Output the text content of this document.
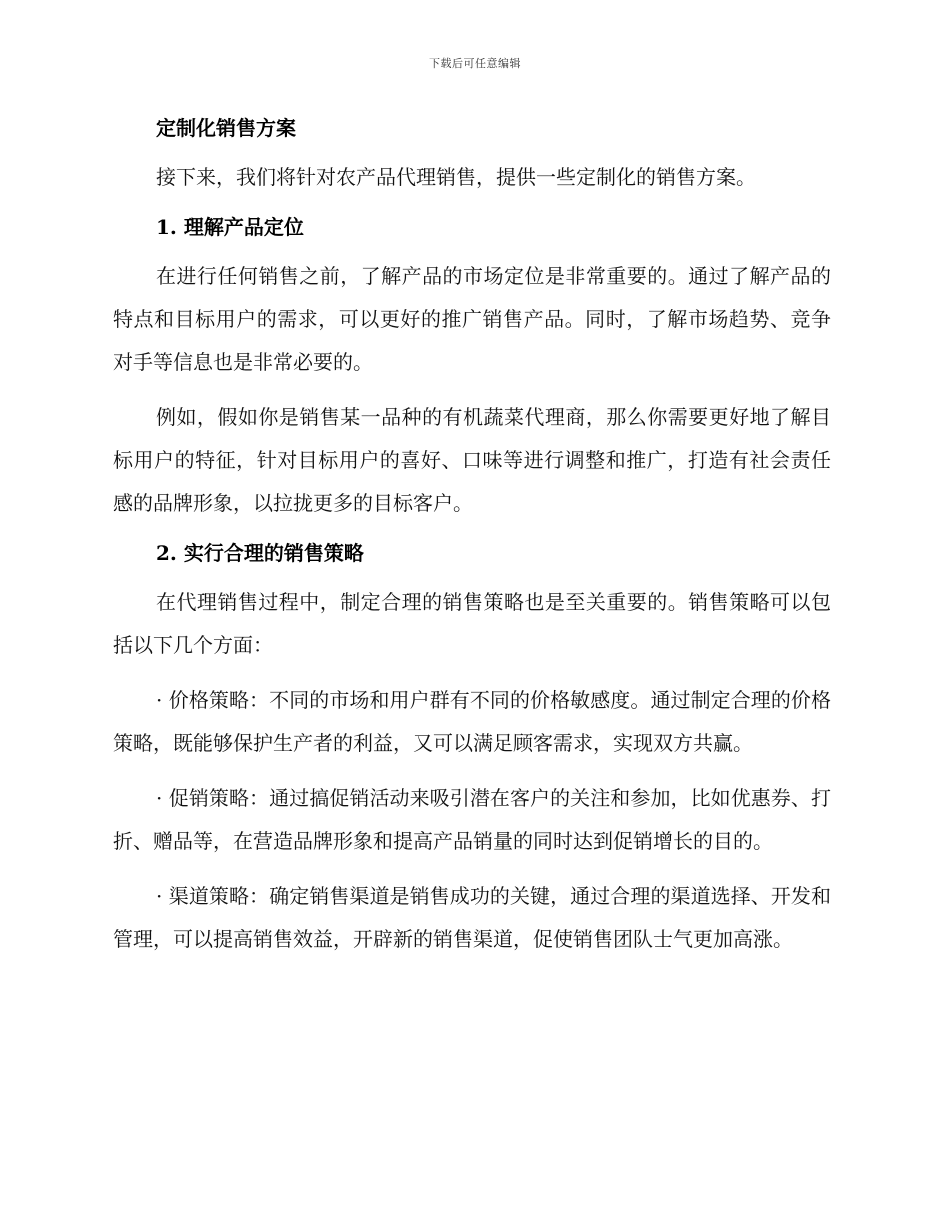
下载后可任意编辑

定制化销售方案

接下来，我们将针对农产品代理销售，提供一些定制化的销售方案。

1. 理解产品定位

在进行任何销售之前，了解产品的市场定位是非常重要的。通过了解产品的特点和目标用户的需求，可以更好的推广销售产品。同时，了解市场趋势、竞争对手等信息也是非常必要的。

例如，假如你是销售某一品种的有机蔬菜代理商，那么你需要更好地了解目标用户的特征，针对目标用户的喜好、口味等进行调整和推广，打造有社会责任感的品牌形象，以拉拢更多的目标客户。

2. 实行合理的销售策略

在代理销售过程中，制定合理的销售策略也是至关重要的。销售策略可以包括以下几个方面：

· 价格策略：不同的市场和用户群有不同的价格敏感度。通过制定合理的价格策略，既能够保护生产者的利益，又可以满足顾客需求，实现双方共赢。

· 促销策略：通过搞促销活动来吸引潜在客户的关注和参加，比如优惠券、打折、赠品等，在营造品牌形象和提高产品销量的同时达到促销增长的目的。

· 渠道策略：确定销售渠道是销售成功的关键，通过合理的渠道选择、开发和管理，可以提高销售效益，开辟新的销售渠道，促使销售团队士气更加高涨。
